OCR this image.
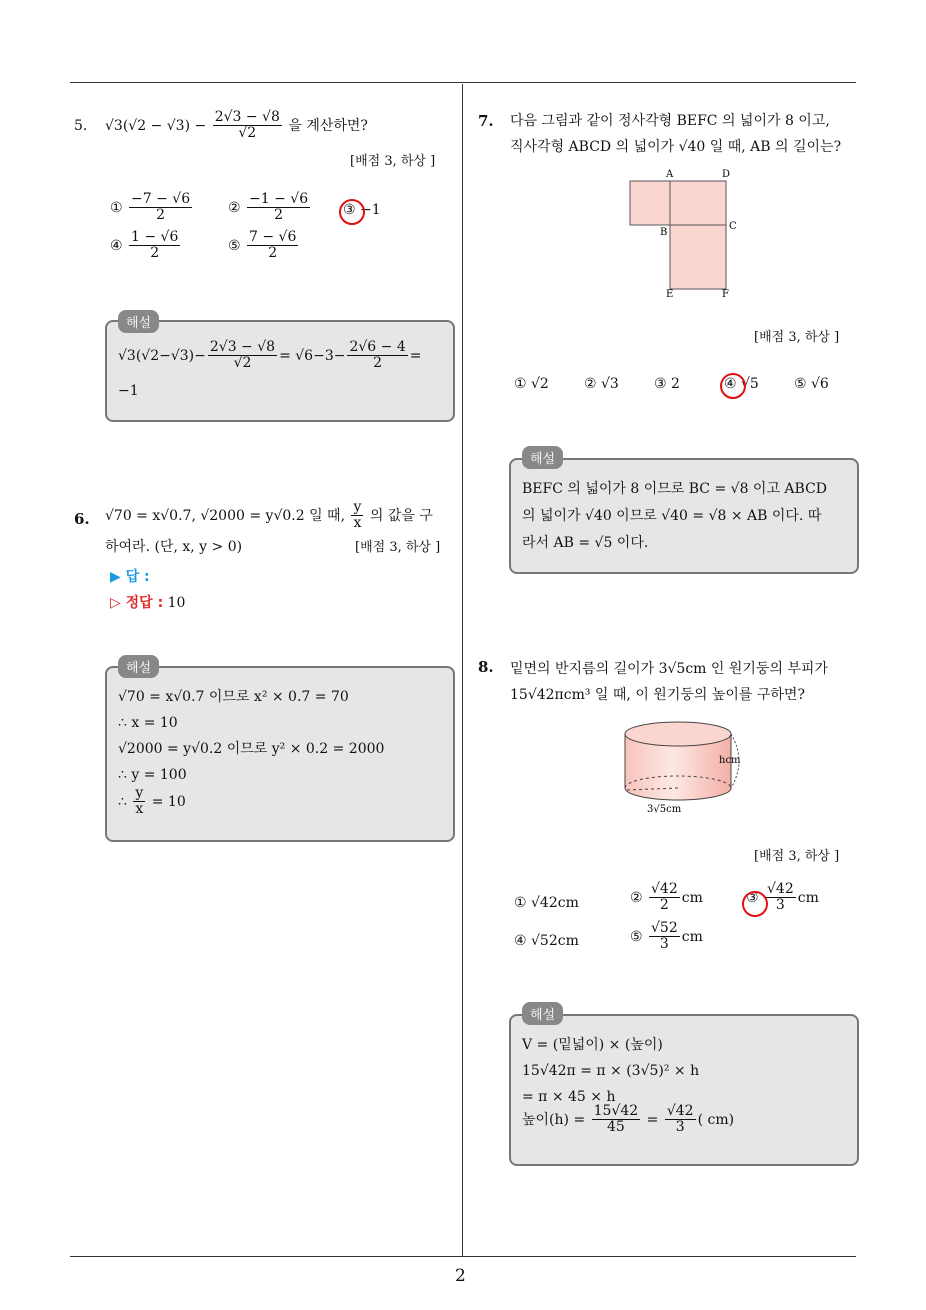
2
5. $√3(√2 - √3) - \frac{2√3 - √8}{√2}$ 을 계산하면?
[배점 3, 하상 ]
① $\frac{-7 - √6}{2}$	② $\frac{-1 - √6}{2}$ ③ −1
④ $\frac{1 - √6}{2}$	⑤ $\frac{7 - √6}{2}$
해설
$√3(√2-√3)- \frac{2√3 - √8}{√2} = √6-3- \frac{2√6 - 4}{2}$ =
−1
6. √70 = x√0.7, √2000 = y√0.2 일 때, $\frac{y}{x}$ 의 값을 구
하여라. (단, x, y > 0)	[배점 3, 하상 ]
▶ 답 :
▷ 정답 : 10
해설
√70 = x√0.7 이므로 x² × 0.7 = 70
∴ x = 10
√2000 = y√0.2 이므로 y² × 0.2 = 2000
∴ y = 100
∴ $\frac{y}{x} = 10$
7. 다음 그림과 같이 정사각형 BEFC 의 넓이가 8 이고,
직사각형 ABCD 의 넓이가 √40 일 때, AB 의 길이는?
A	D
B
C
E	F
[배점 3, 하상 ]
① √2	② √3	③ 2	④ √5	⑤ √6
해설
BEFC 의 넓이가 8 이므로 BC = √8 이고 ABCD
의 넓이가 √40 이므로 √40 = √8 × AB 이다. 따
라서 AB = √5 이다.
8. 밑면의 반지름의 길이가 3√5cm 인 원기둥의 부피가
15√42πcm³ 일 때, 이 원기둥의 높이를 구하면?
hcm
3√5cm
[배점 3, 하상 ]
① √42cm	② $\frac{√42}{2}$ cm	③ $\frac{√42}{3}$ cm
④ √52cm	⑤ $\frac{√52}{3}$ cm
해설
V = (밑넓이) × (높이)
15√42π = π × (3√5)² × h
= π × 45 × h
높이$(h) = \frac{15√42}{45} = \frac{√42}{3}$ ( cm)
